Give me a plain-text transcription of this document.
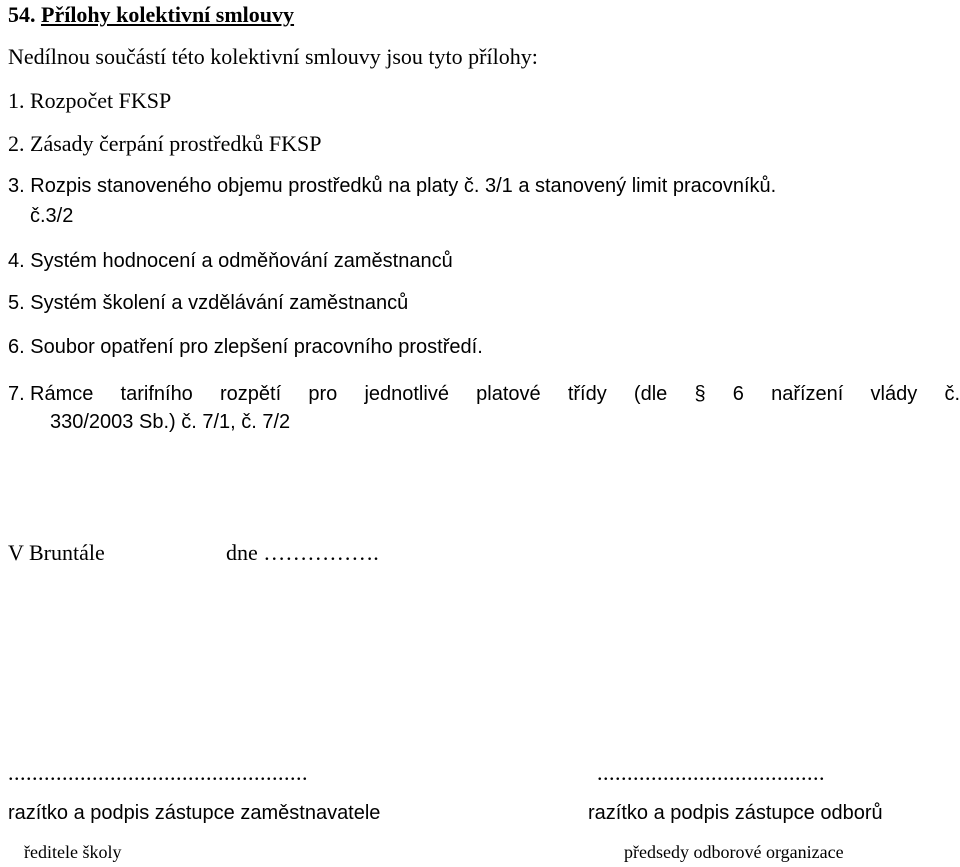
54. Přílohy kolektivní smlouvy
Nedílnou součástí této kolektivní smlouvy jsou tyto přílohy:
1. Rozpočet FKSP
2. Zásady čerpání prostředků FKSP
3. Rozpis stanoveného objemu prostředků na platy č. 3/1 a stanovený limit pracovníků.
č.3/2
4. Systém hodnocení a odměňování zaměstnanců
5. Systém školení a vzdělávání zaměstnanců
6. Soubor opatření pro zlepšení pracovního prostředí.
7. Rámce tarifního rozpětí pro jednotlivé platové třídy (dle § 6 nařízení vlády č.
330/2003 Sb.) č. 7/1, č. 7/2
V Bruntále	dne …………….
..................................................
razítko a podpis zástupce zaměstnavatele
ředitele školy
......................................
razítko a podpis zástupce odborů
předsedy odborové organizace
